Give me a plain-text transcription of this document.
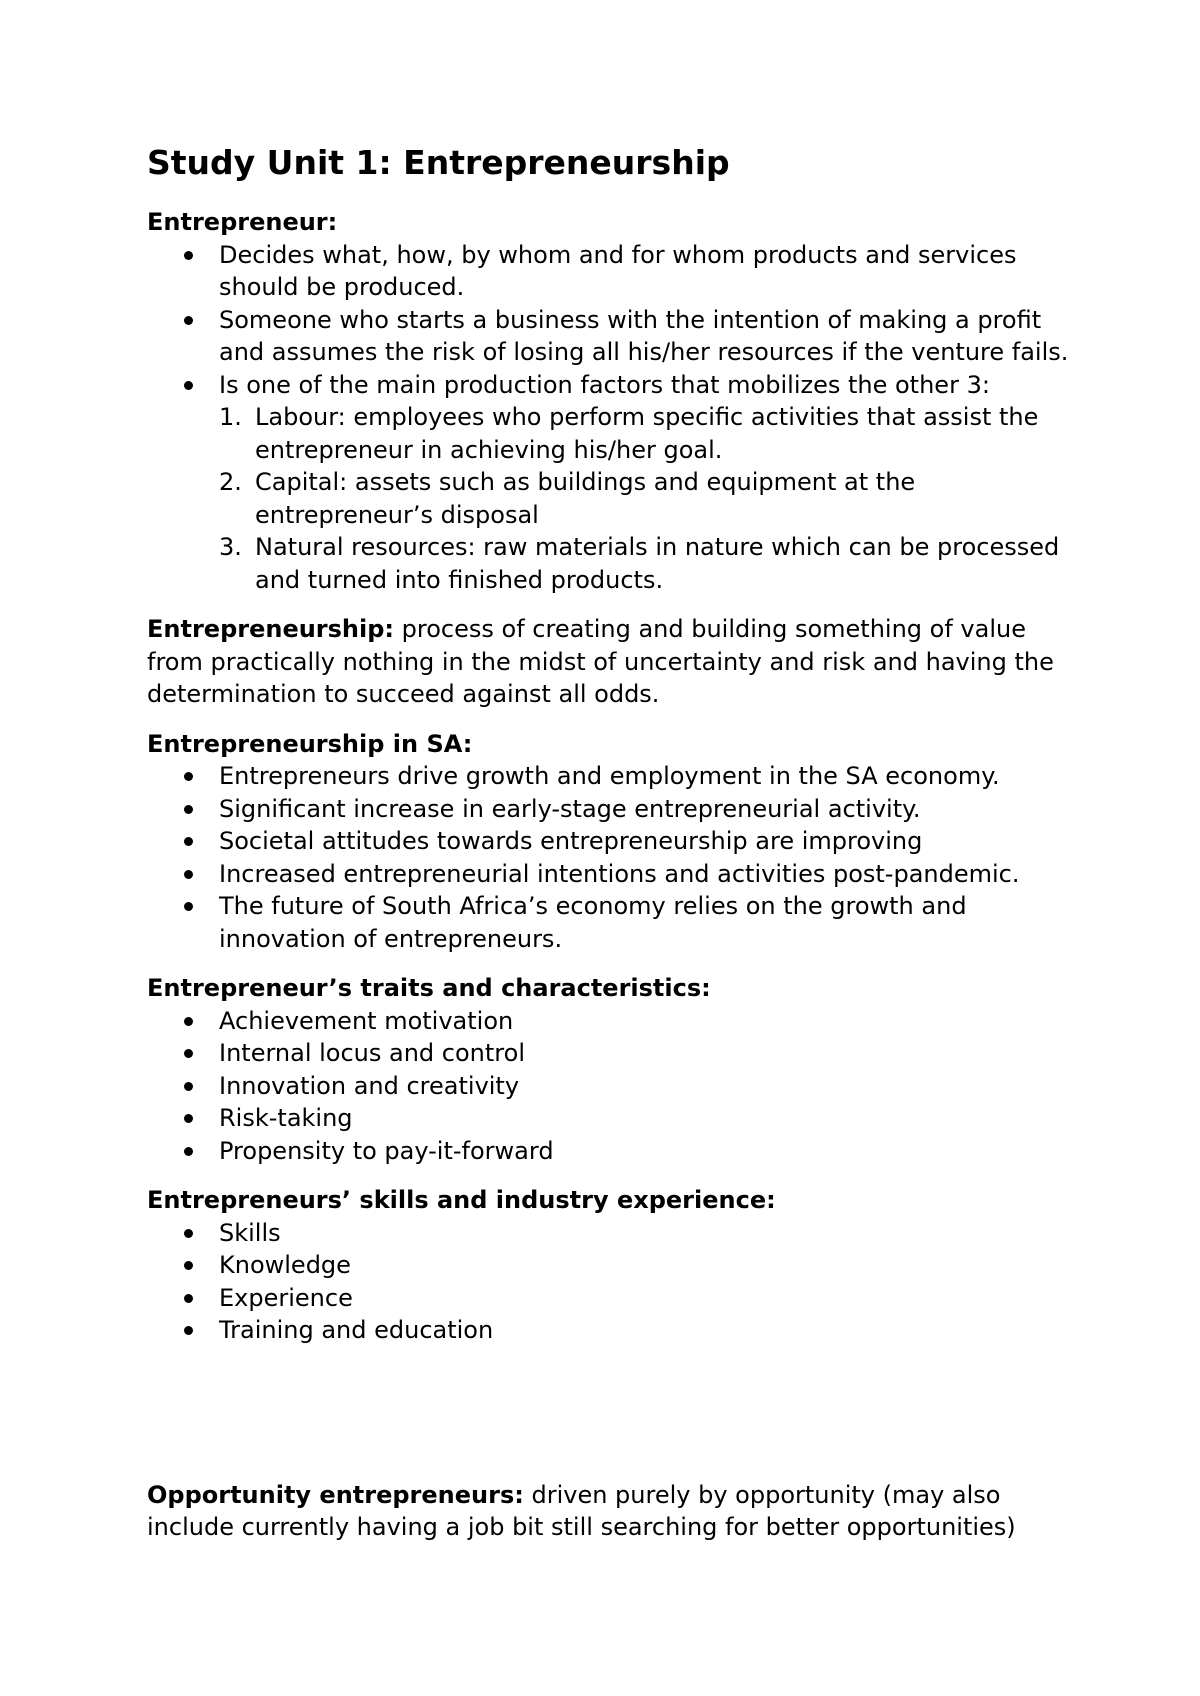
Study Unit 1: Entrepreneurship

Entrepreneur:

Decides what, how, by whom and for whom products and services should be produced.
Someone who starts a business with the intention of making a profit and assumes the risk of losing all his/her resources if the venture fails.
Is one of the main production factors that mobilizes the other 3:
1. Labour: employees who perform specific activities that assist the entrepreneur in achieving his/her goal.
2. Capital: assets such as buildings and equipment at the entrepreneur’s disposal
3. Natural resources: raw materials in nature which can be processed and turned into finished products.

Entrepreneurship: process of creating and building something of value from practically nothing in the midst of uncertainty and risk and having the determination to succeed against all odds.

Entrepreneurship in SA:

Entrepreneurs drive growth and employment in the SA economy.
Significant increase in early-stage entrepreneurial activity.
Societal attitudes towards entrepreneurship are improving
Increased entrepreneurial intentions and activities post-pandemic.
The future of South Africa’s economy relies on the growth and innovation of entrepreneurs.

Entrepreneur’s traits and characteristics:

Achievement motivation
Internal locus and control
Innovation and creativity
Risk-taking
Propensity to pay-it-forward

Entrepreneurs’ skills and industry experience:

Skills
Knowledge
Experience
Training and education

Opportunity entrepreneurs: driven purely by opportunity (may also include currently having a job bit still searching for better opportunities)
